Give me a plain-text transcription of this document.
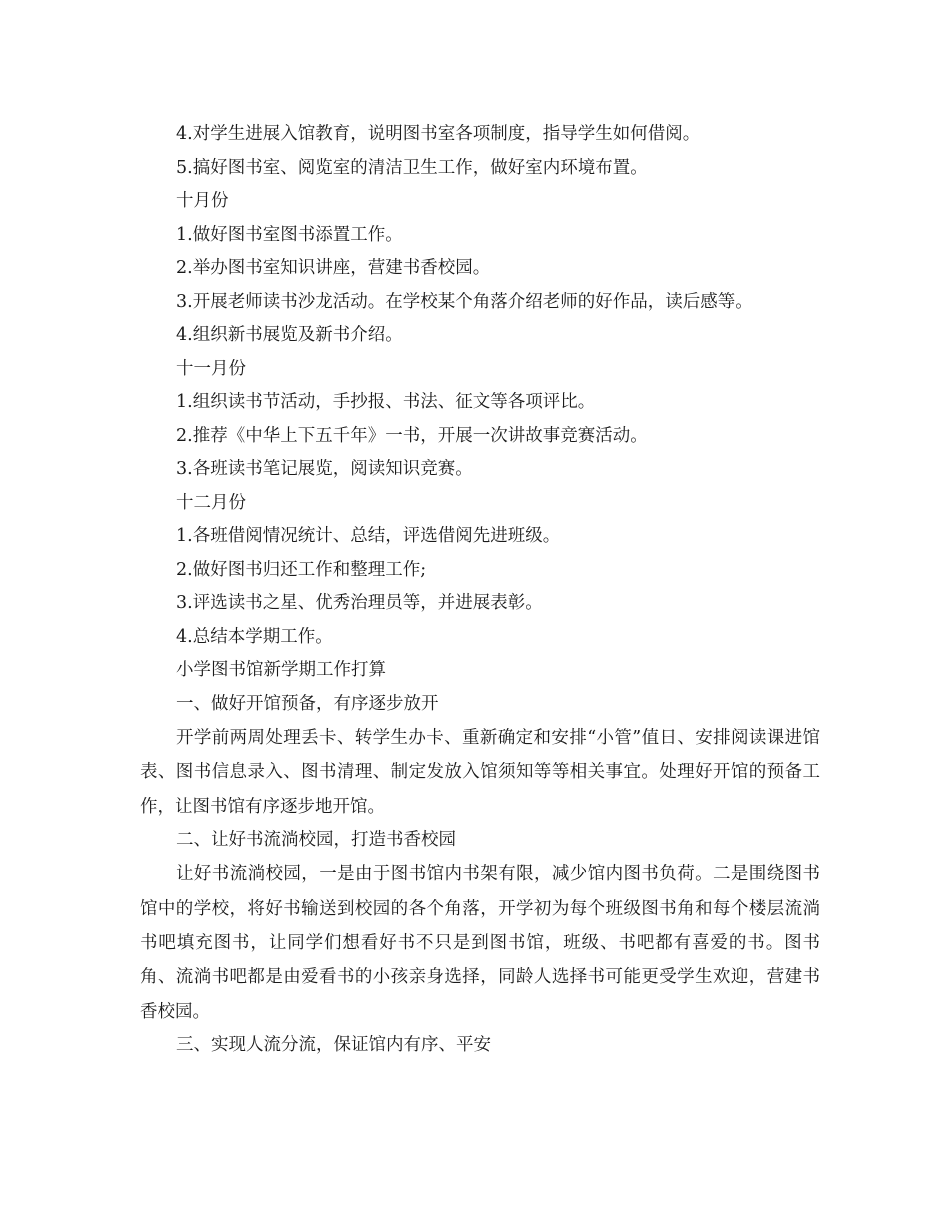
4.对学生进展入馆教育，说明图书室各项制度，指导学生如何借阅。
5.搞好图书室、阅览室的清洁卫生工作，做好室内环境布置。
十月份
1.做好图书室图书添置工作。
2.举办图书室知识讲座，营建书香校园。
3.开展老师读书沙龙活动。在学校某个角落介绍老师的好作品，读后感等。
4.组织新书展览及新书介绍。
十一月份
1.组织读书节活动，手抄报、书法、征文等各项评比。
2.推荐《中华上下五千年》一书，开展一次讲故事竞赛活动。
3.各班读书笔记展览，阅读知识竞赛。
十二月份
1.各班借阅情况统计、总结，评选借阅先进班级。
2.做好图书归还工作和整理工作;
3.评选读书之星、优秀治理员等，并进展表彰。
4.总结本学期工作。
小学图书馆新学期工作打算
一、做好开馆预备，有序逐步放开
开学前两周处理丢卡、转学生办卡、重新确定和安排“小管”值日、安排阅读课进馆表、图书信息录入、图书清理、制定发放入馆须知等等相关事宜。处理好开馆的预备工作，让图书馆有序逐步地开馆。
二、让好书流淌校园，打造书香校园
让好书流淌校园，一是由于图书馆内书架有限，减少馆内图书负荷。二是围绕图书馆中的学校，将好书输送到校园的各个角落，开学初为每个班级图书角和每个楼层流淌书吧填充图书，让同学们想看好书不只是到图书馆，班级、书吧都有喜爱的书。图书角、流淌书吧都是由爱看书的小孩亲身选择，同龄人选择书可能更受学生欢迎，营建书香校园。
三、实现人流分流，保证馆内有序、平安
